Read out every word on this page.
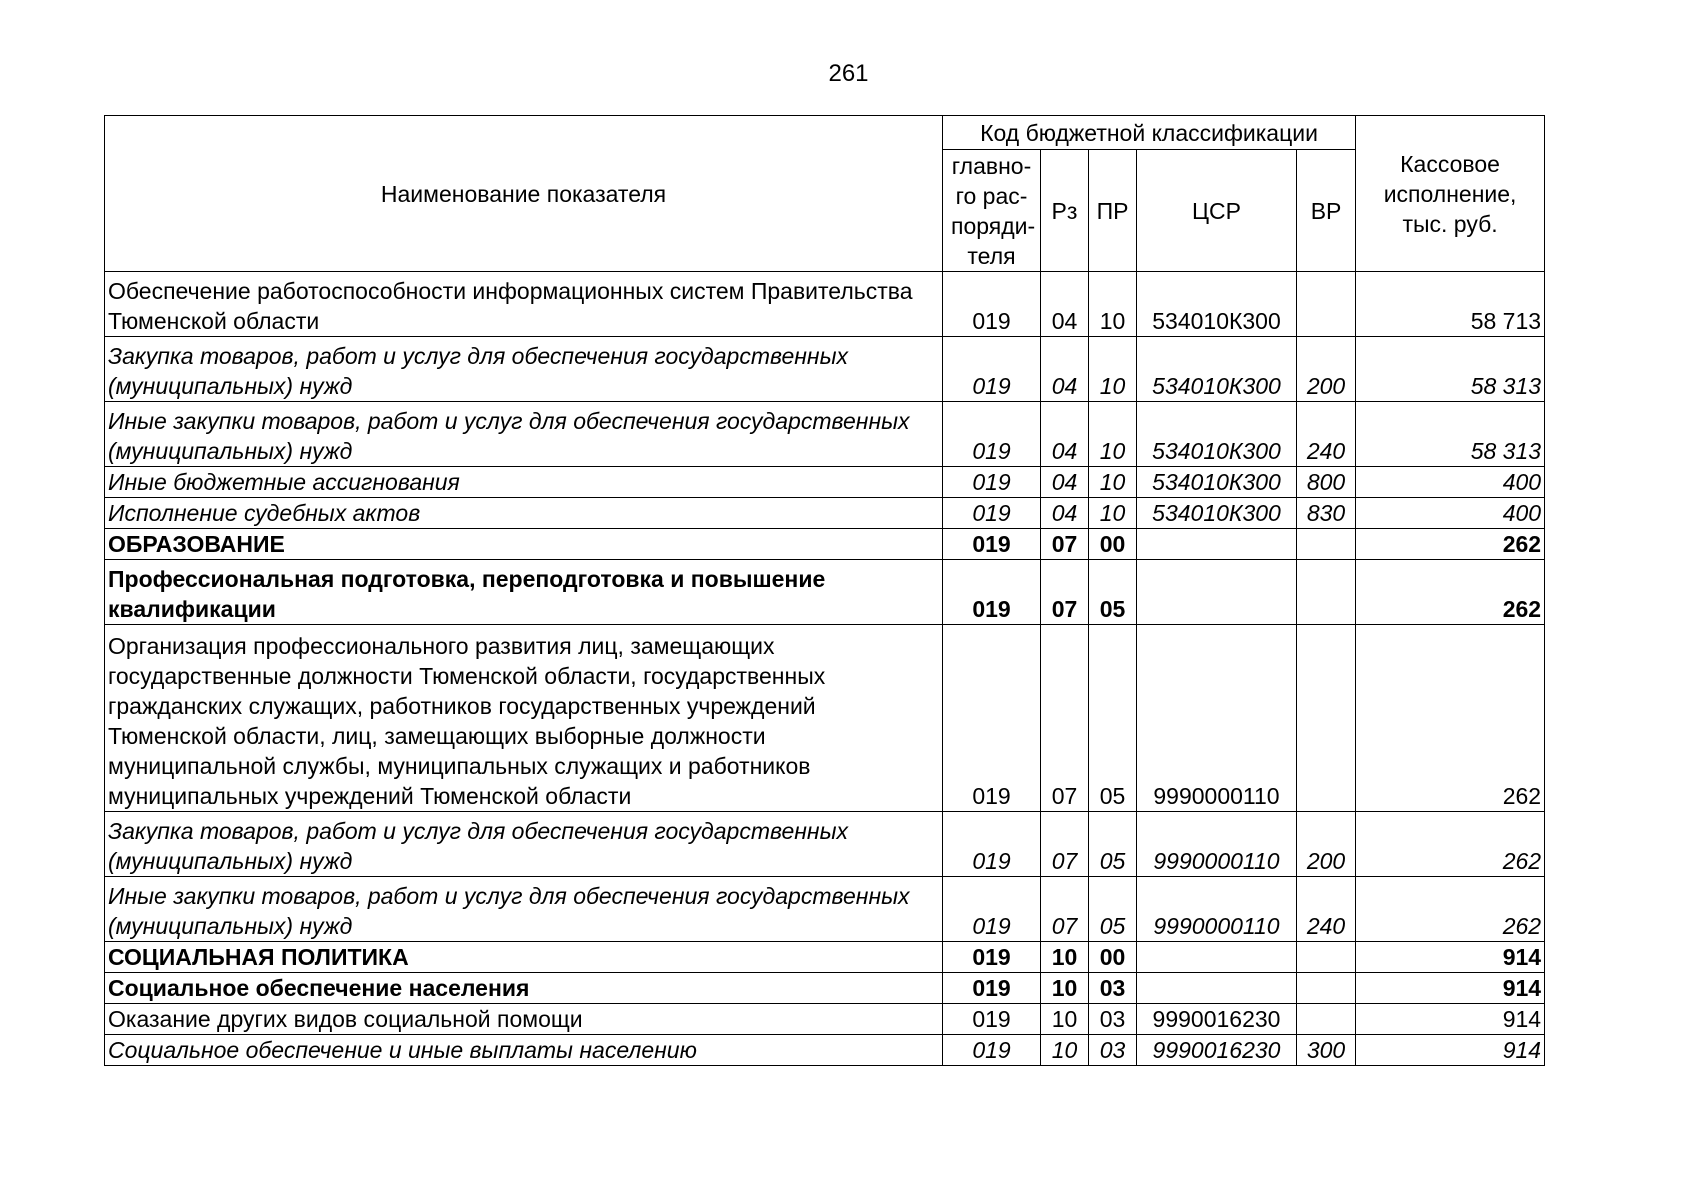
261
Наименование показателя	Код бюджетной классификации					Кассовое исполнение, тыс. руб.
	главно-го рас-поряди-теля	Рз	ПР	ЦСР	ВР	
Обеспечение работоспособности информационных систем Правительства Тюменской области	019	04	10	534010К300		58 713
Закупка товаров, работ и услуг для обеспечения государственных (муниципальных) нужд	019	04	10	534010К300	200	58 313
Иные закупки товаров, работ и услуг для обеспечения государственных (муниципальных) нужд	019	04	10	534010К300	240	58 313
Иные бюджетные ассигнования	019	04	10	534010К300	800	400
Исполнение судебных актов	019	04	10	534010К300	830	400
ОБРАЗОВАНИЕ	019	07	00			262
Профессиональная подготовка, переподготовка и повышение квалификации	019	07	05			262
Организация профессионального развития лиц, замещающих государственные должности Тюменской области, государственных гражданских служащих, работников государственных учреждений Тюменской области, лиц, замещающих выборные должности муниципальной службы, муниципальных служащих и работников муниципальных учреждений Тюменской области	019	07	05	9990000110		262
Закупка товаров, работ и услуг для обеспечения государственных (муниципальных) нужд	019	07	05	9990000110	200	262
Иные закупки товаров, работ и услуг для обеспечения государственных (муниципальных) нужд	019	07	05	9990000110	240	262
СОЦИАЛЬНАЯ ПОЛИТИКА	019	10	00			914
Социальное обеспечение населения	019	10	03			914
Оказание других видов социальной помощи	019	10	03	9990016230		914
Социальное обеспечение и иные выплаты населению	019	10	03	9990016230	300	914
